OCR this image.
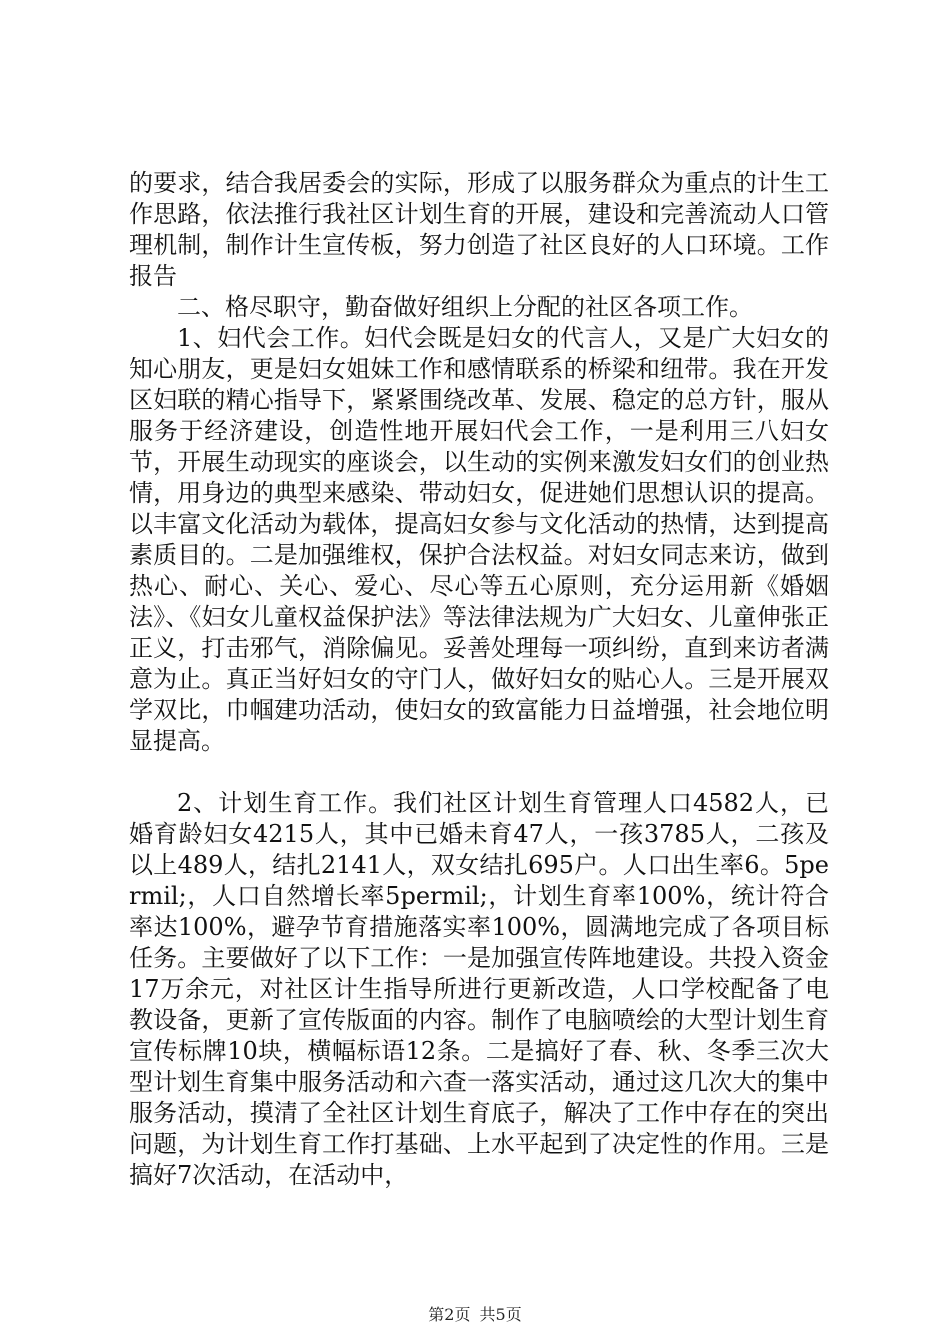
的要求，结合我居委会的实际，形成了以服务群众为重点的计生工作思路，依法推行我社区计划生育的开展，建设和完善流动人口管理机制，制作计生宣传板，努力创造了社区良好的人口环境。工作报告

二、格尽职守，勤奋做好组织上分配的社区各项工作。

1、妇代会工作。妇代会既是妇女的代言人，又是广大妇女的知心朋友，更是妇女姐妹工作和感情联系的桥梁和纽带。我在开发区妇联的精心指导下，紧紧围绕改革、发展、稳定的总方针，服从服务于经济建设，创造性地开展妇代会工作，一是利用三八妇女节，开展生动现实的座谈会，以生动的实例来激发妇女们的创业热情，用身边的典型来感染、带动妇女，促进她们思想认识的提高。以丰富文化活动为载体，提高妇女参与文化活动的热情，达到提高素质目的。二是加强维权，保护合法权益。对妇女同志来访，做到热心、耐心、关心、爱心、尽心等五心原则，充分运用新《婚姻法》、《妇女儿童权益保护法》等法律法规为广大妇女、儿童伸张正正义，打击邪气，消除偏见。妥善处理每一项纠纷，直到来访者满意为止。真正当好妇女的守门人，做好妇女的贴心人。三是开展双学双比，巾帼建功活动，使妇女的致富能力日益增强，社会地位明显提高。

2、计划生育工作。我们社区计划生育管理人口4582人，已婚育龄妇女4215人，其中已婚未育47人，一孩3785人，二孩及以上489人，结扎2141人，双女结扎695户。人口出生率6。5permil;，人口自然增长率5permil;，计划生育率100%，统计符合率达100%，避孕节育措施落实率100%，圆满地完成了各项目标任务。主要做好了以下工作：一是加强宣传阵地建设。共投入资金17万余元，对社区计生指导所进行更新改造，人口学校配备了电教设备，更新了宣传版面的内容。制作了电脑喷绘的大型计划生育宣传标牌10块，横幅标语12条。二是搞好了春、秋、冬季三次大型计划生育集中服务活动和六查一落实活动，通过这几次大的集中服务活动，摸清了全社区计划生育底子，解决了工作中存在的突出问题，为计划生育工作打基础、上水平起到了决定性的作用。三是搞好7次活动，在活动中，

第2页 共5页
